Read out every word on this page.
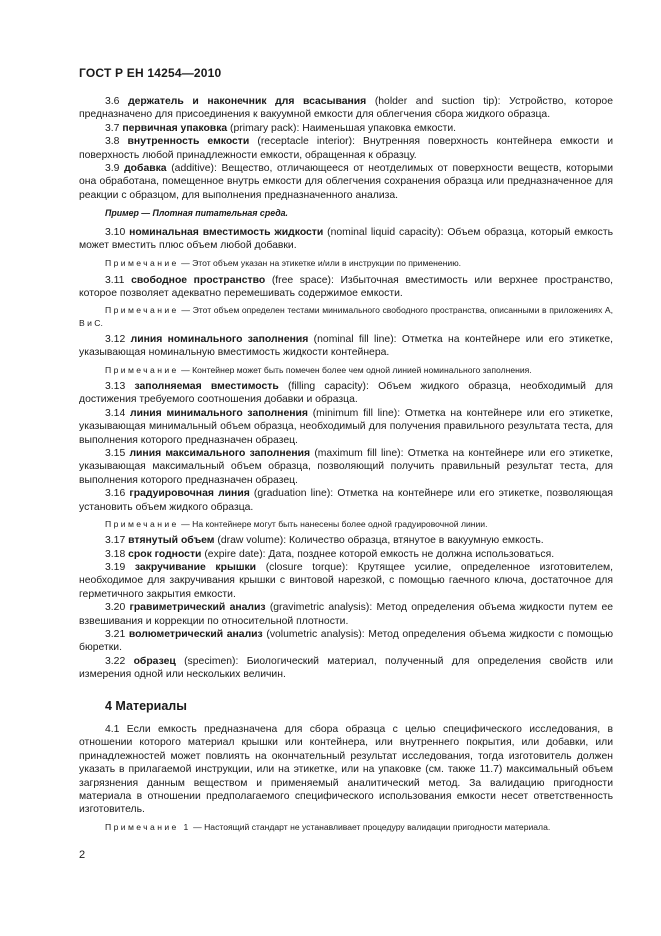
ГОСТ Р ЕН 14254—2010

3.6 держатель и наконечник для всасывания (holder and suction tip): Устройство, которое предназначено для присоединения к вакуумной емкости для облегчения сбора жидкого образца.

3.7 первичная упаковка (primary pack): Наименьшая упаковка емкости.

3.8 внутренность емкости (receptacle interior): Внутренняя поверхность контейнера емкости и поверхность любой принадлежности емкости, обращенная к образцу.

3.9 добавка (additive): Вещество, отличающееся от неотделимых от поверхности веществ, которыми она обработана, помещенное внутрь емкости для облегчения сохранения образца или предназначенное для реакции с образцом, для выполнения предназначенного анализа.

Пример — Плотная питательная среда.

3.10 номинальная вместимость жидкости (nominal liquid capacity): Объем образца, который емкость может вместить плюс объем любой добавки.

Примечание — Этот объем указан на этикетке и/или в инструкции по применению.

3.11 свободное пространство (free space): Избыточная вместимость или верхнее пространство, которое позволяет адекватно перемешивать содержимое емкости.

Примечание — Этот объем определен тестами минимального свободного пространства, описанными в приложениях А, В и С.

3.12 линия номинального заполнения (nominal fill line): Отметка на контейнере или его этикетке, указывающая номинальную вместимость жидкости контейнера.

Примечание — Контейнер может быть помечен более чем одной линией номинального заполнения.

3.13 заполняемая вместимость (filling capacity): Объем жидкого образца, необходимый для достижения требуемого соотношения добавки и образца.

3.14 линия минимального заполнения (minimum fill line): Отметка на контейнере или его этикетке, указывающая минимальный объем образца, необходимый для получения правильного результата теста, для выполнения которого предназначен образец.

3.15 линия максимального заполнения (maximum fill line): Отметка на контейнере или его этикетке, указывающая максимальный объем образца, позволяющий получить правильный результат теста, для выполнения которого предназначен образец.

3.16 градуировочная линия (graduation line): Отметка на контейнере или его этикетке, позволяющая установить объем жидкого образца.

Примечание — На контейнере могут быть нанесены более одной градуировочной линии.

3.17 втянутый объем (draw volume): Количество образца, втянутое в вакуумную емкость.

3.18 срок годности (expire date): Дата, позднее которой емкость не должна использоваться.

3.19 закручивание крышки (closure torque): Крутящее усилие, определенное изготовителем, необходимое для закручивания крышки с винтовой нарезкой, с помощью гаечного ключа, достаточное для герметичного закрытия емкости.

3.20 гравиметрический анализ (gravimetric analysis): Метод определения объема жидкости путем ее взвешивания и коррекции по относительной плотности.

3.21 волюметрический анализ (volumetric analysis): Метод определения объема жидкости с помощью бюретки.

3.22 образец (specimen): Биологический материал, полученный для определения свойств или измерения одной или нескольких величин.

4 Материалы

4.1 Если емкость предназначена для сбора образца с целью специфического исследования, в отношении которого материал крышки или контейнера, или внутреннего покрытия, или добавки, или принадлежностей может повлиять на окончательный результат исследования, тогда изготовитель должен указать в прилагаемой инструкции, или на этикетке, или на упаковке (см. также 11.7) максимальный объем загрязнения данным веществом и применяемый аналитический метод. За валидацию пригодности материала в отношении предполагаемого специфического использования емкости несет ответственность изготовитель.

Примечание 1 — Настоящий стандарт не устанавливает процедуру валидации пригодности материала.

2
